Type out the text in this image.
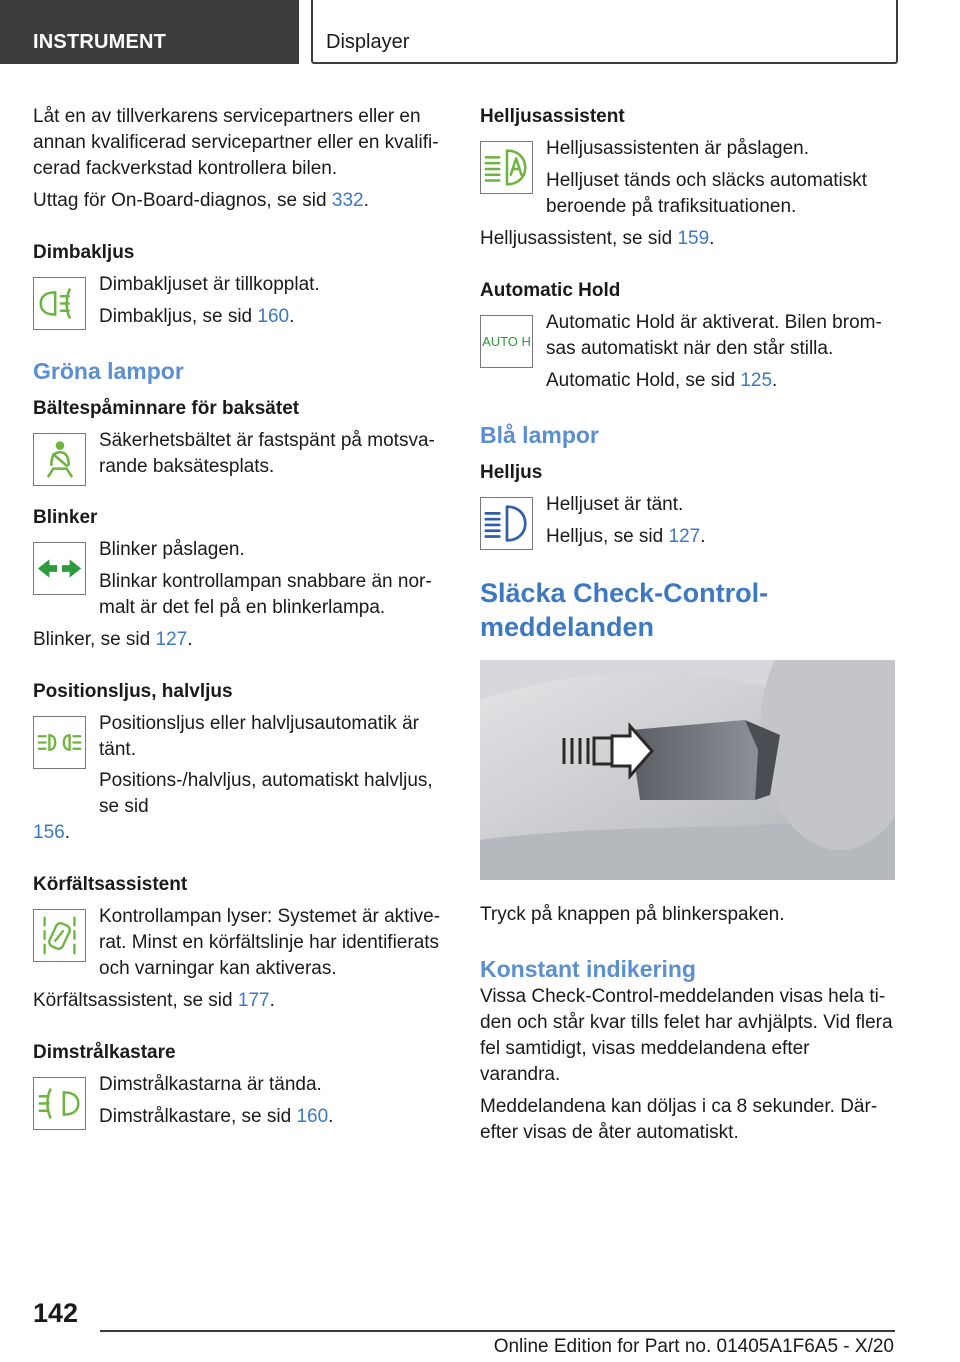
INSTRUMENT	Displayer

Låt en av tillverkarens servicepartners eller en annan kvalificerad servicepartner eller en kvalificerad fackverkstad kontrollera bilen.

Uttag för On-Board-diagnos, se sid 332.

Dimbakljus

Dimbakljuset är tillkopplat.

Dimbakljus, se sid 160.

Gröna lampor
Bältespåminnare för baksätet

Säkerhetsbältet är fastspänt på motsvarande baksätesplats.

Blinker

Blinker påslagen.

Blinkar kontrollampan snabbare än normalt är det fel på en blinkerlampa.

Blinker, se sid 127.

Positionsljus, halvljus

Positionsljus eller halvljusautomatik är tänt.

Positions-/halvljus, automatiskt halvljus, se sid

156.

Körfältsassistent

Kontrollampan lyser: Systemet är aktiverat. Minst en körfältslinje har identifierats och varningar kan aktiveras.

Körfältsassistent, se sid 177.

Dimstrålkastare

Dimstrålkastarna är tända.

Dimstrålkastare, se sid 160.

Helljusassistent

Helljusassistenten är påslagen.

Helljuset tänds och släcks automatiskt beroende på trafiksituationen.

Helljusassistent, se sid 159.

Automatic Hold
AUTO H

Automatic Hold är aktiverat. Bilen bromsas automatiskt när den står stilla.

Automatic Hold, se sid 125.

Blå lampor
Helljus

Helljuset är tänt.

Helljus, se sid 127.

Släcka Check-Control-meddelanden

Tryck på knappen på blinkerspaken.

Konstant indikering

Vissa Check-Control-meddelanden visas hela tiden och står kvar tills felet har avhjälpts. Vid flera fel samtidigt, visas meddelandena efter varandra.

Meddelandena kan döljas i ca 8 sekunder. Därefter visas de åter automatiskt.

142
Online Edition for Part no. 01405A1F6A5 - X/20
